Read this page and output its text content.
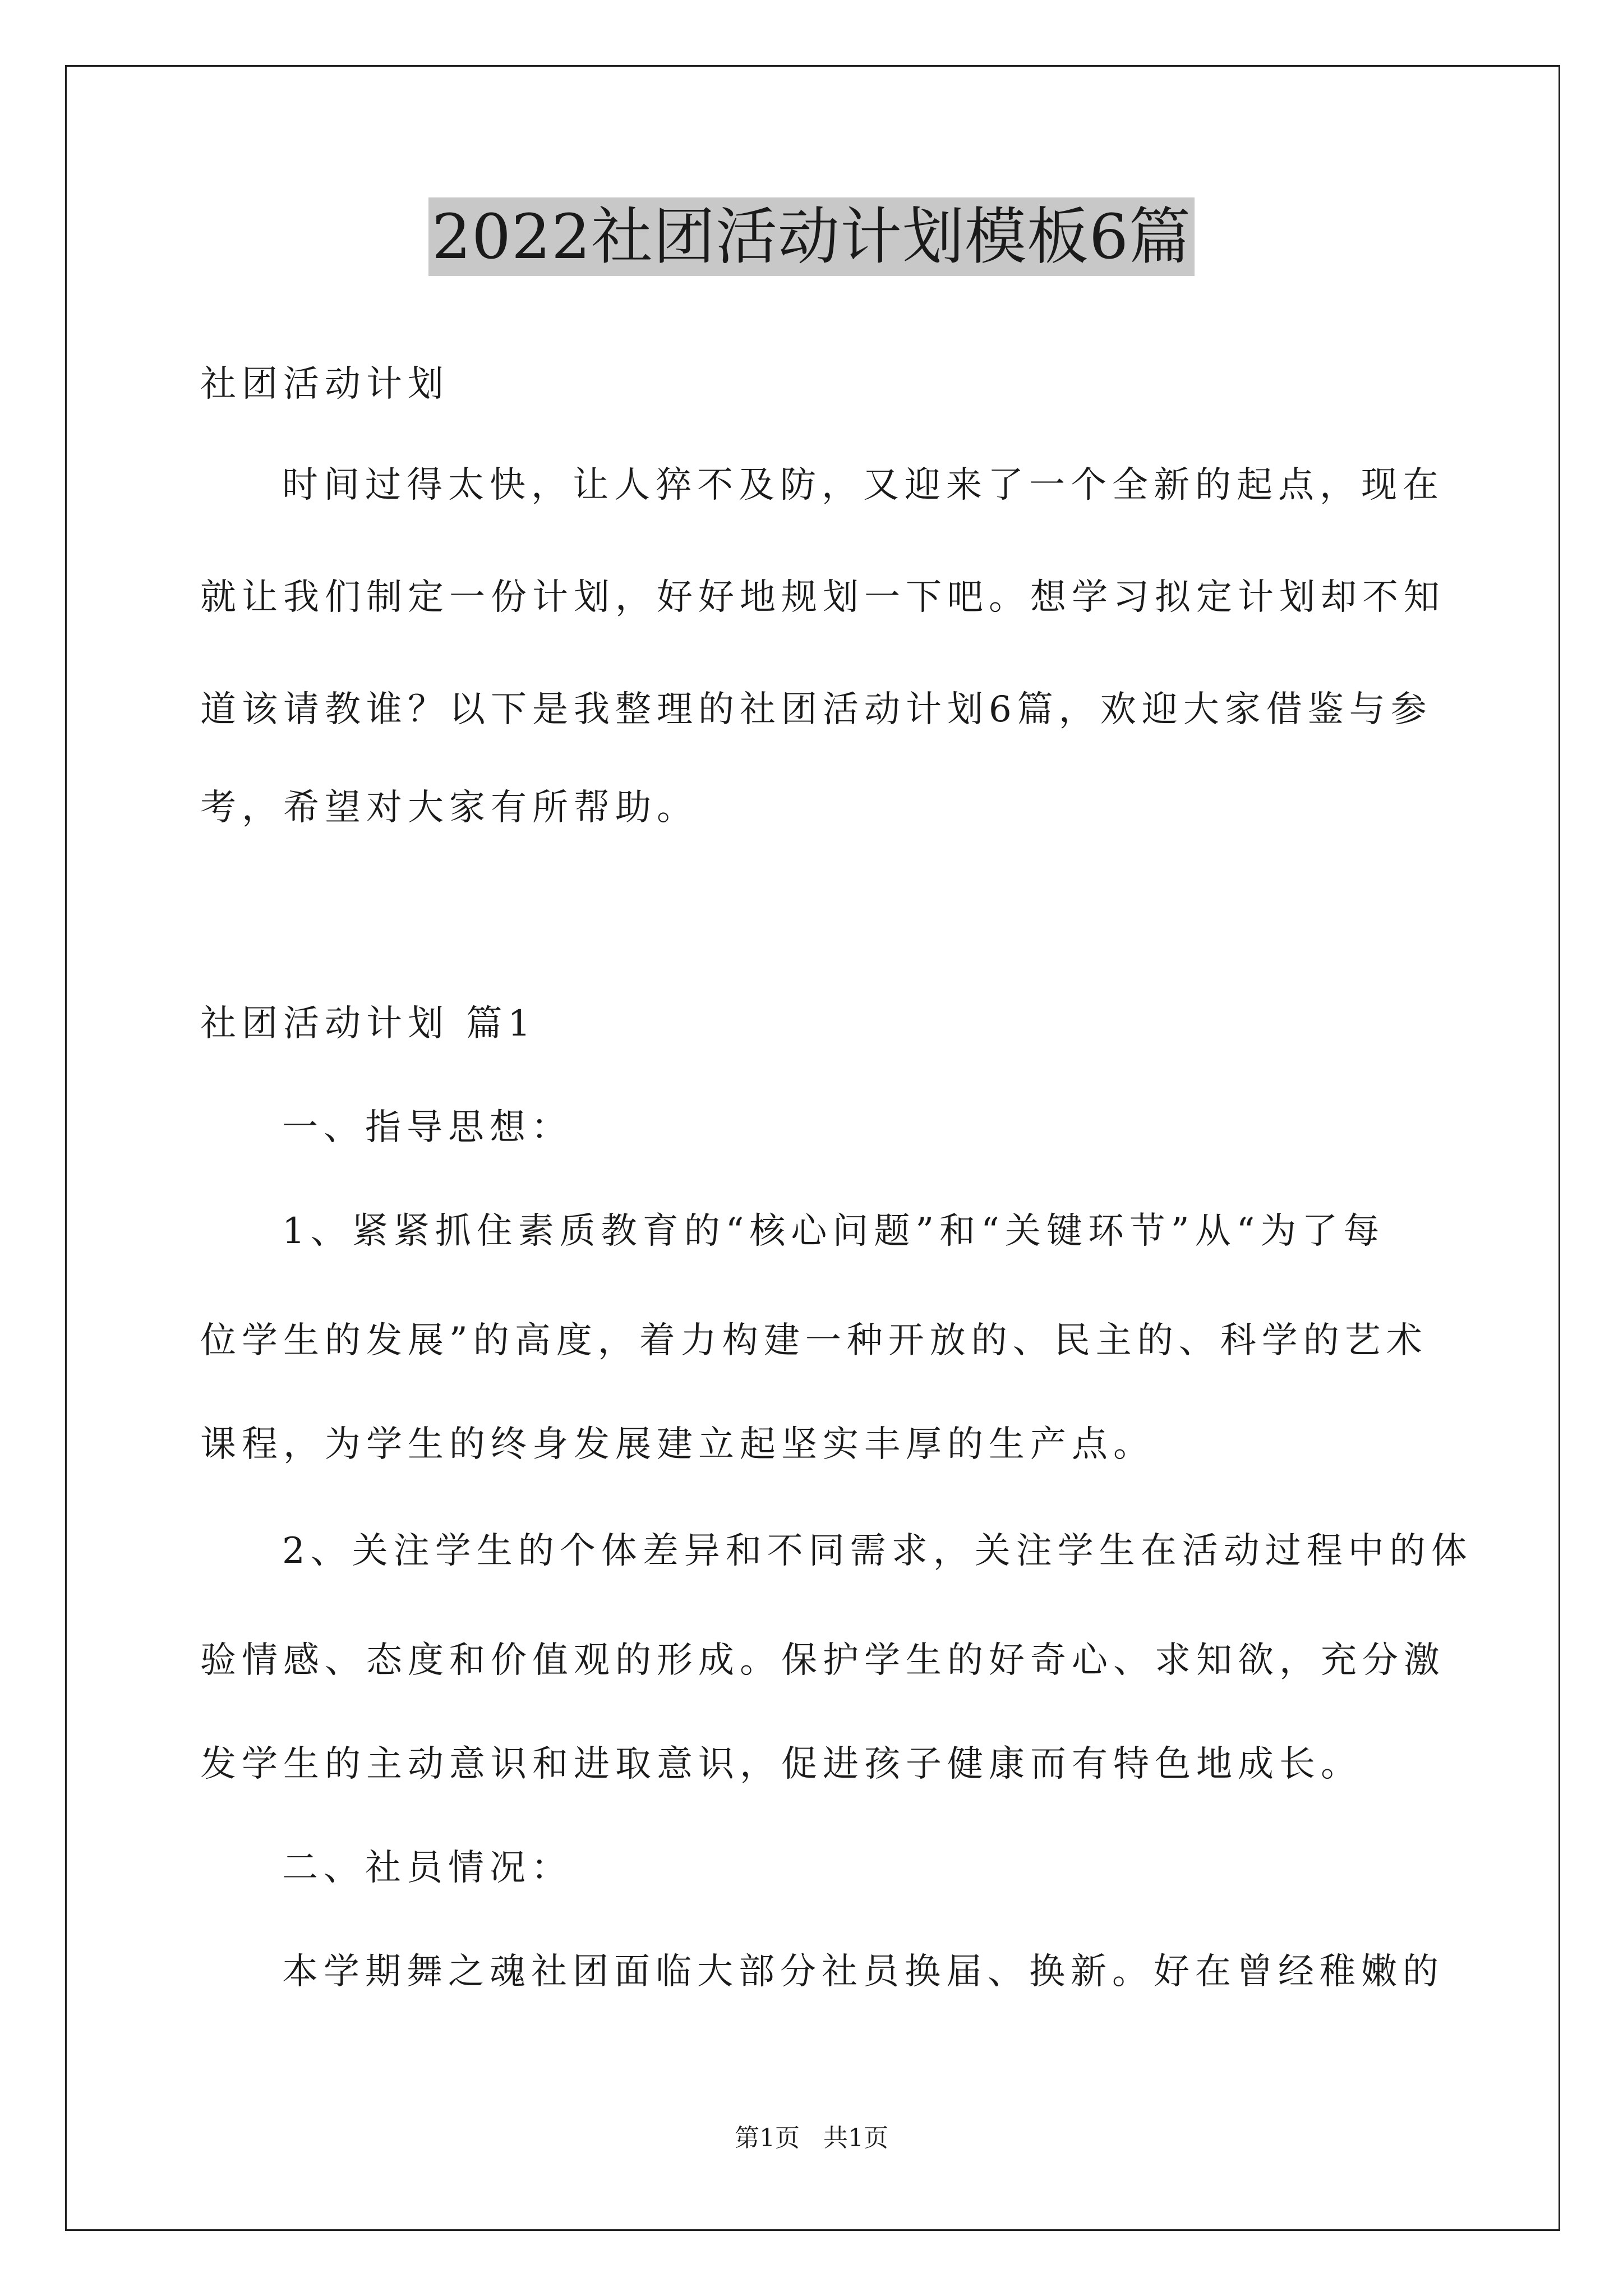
2022社团活动计划模板6篇
社团活动计划
时间过得太快，让人猝不及防，又迎来了一个全新的起点，现在
就让我们制定一份计划，好好地规划一下吧。想学习拟定计划却不知
道该请教谁？以下是我整理的社团活动计划6篇，欢迎大家借鉴与参
考，希望对大家有所帮助。
社团活动计划 篇1
一、指导思想：
1、紧紧抓住素质教育的“核心问题”和“关键环节”从“为了每
位学生的发展”的高度，着力构建一种开放的、民主的、科学的艺术
课程，为学生的终身发展建立起坚实丰厚的生产点。
2、关注学生的个体差异和不同需求，关注学生在活动过程中的体
验情感、态度和价值观的形成。保护学生的好奇心、求知欲，充分激
发学生的主动意识和进取意识，促进孩子健康而有特色地成长。
二、社员情况：
本学期舞之魂社团面临大部分社员换届、换新。好在曾经稚嫩的
第1页   共1页
